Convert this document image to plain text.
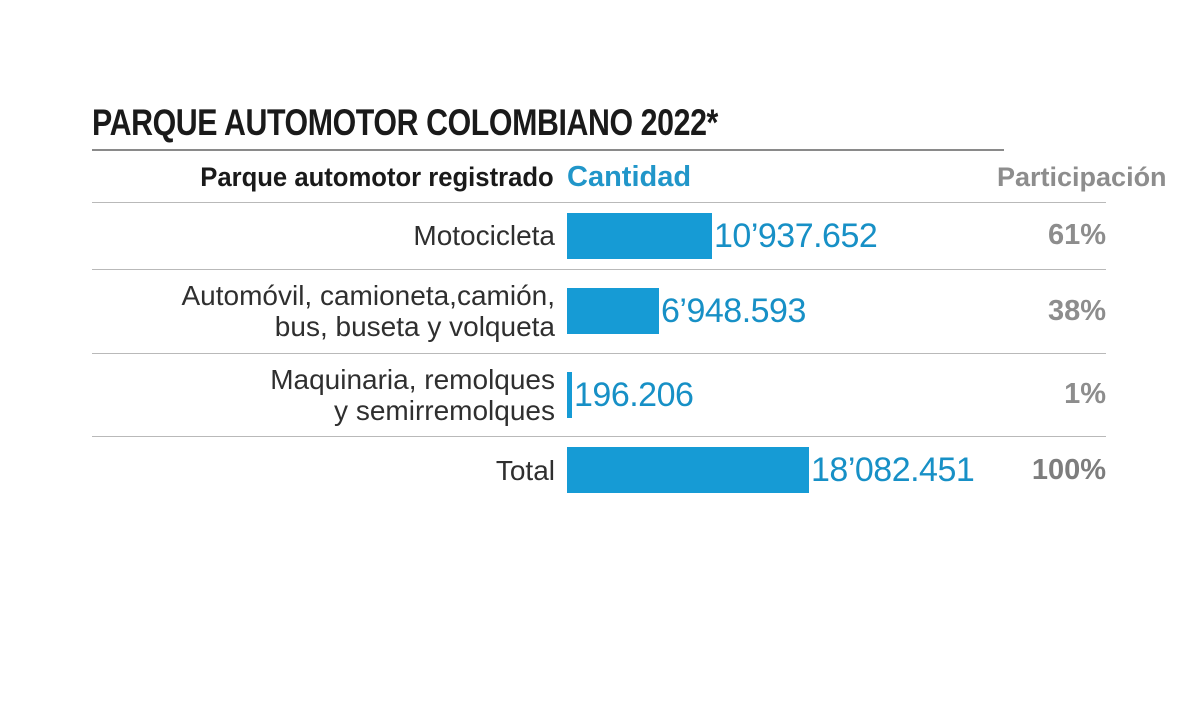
PARQUE AUTOMOTOR COLOMBIANO 2022*
Parque automotor registrado	Cantidad	Participación

Motocicleta	10’937.652	61%

Automóvil, camioneta,camión,
bus, buseta y volqueta	6’948.593	38%

Maquinaria, remolques
y semirremolques	196.206	1%

Total	18’082.451	100%
